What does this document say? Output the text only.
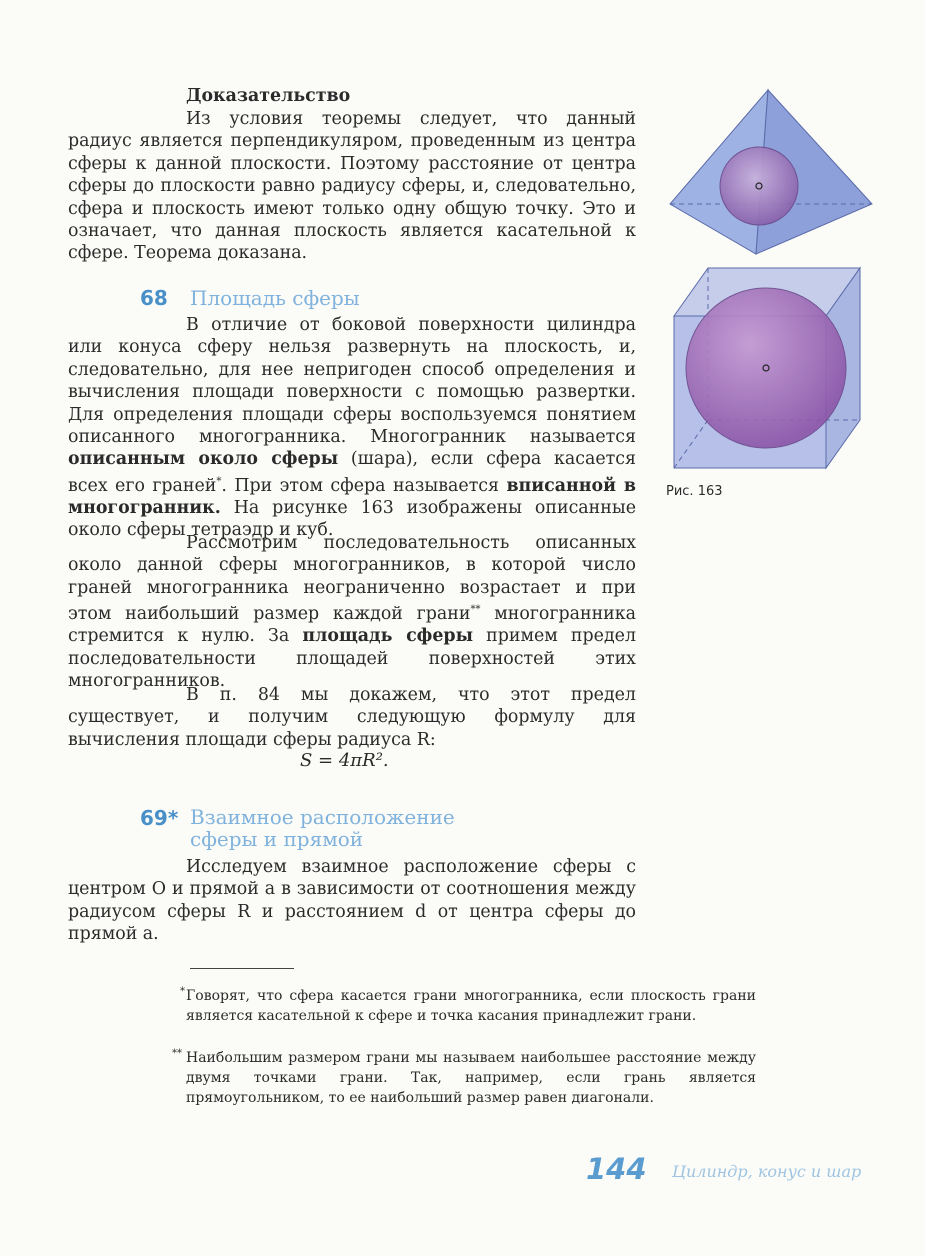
Доказательство
Из условия теоремы следует, что данный радиус является перпендикуляром, проведенным из центра сферы к данной плоскости. Поэтому расстояние от центра сферы до плоскости равно радиусу сферы, и, следовательно, сфера и плоскость имеют только одну общую точку. Это и означает, что данная плоскость является касательной к сфере. Теорема доказана.
68 Площадь сферы
В отличие от боковой поверхности цилиндра или конуса сферу нельзя развернуть на плоскость, и, следовательно, для нее непригоден способ определения и вычисления площади поверхности с помощью развертки. Для определения площади сферы воспользуемся понятием описанного многогранника. Многогранник называется описанным около сферы (шара), если сфера касается всех его граней*. При этом сфера называется вписанной в многогранник. На рисунке 163 изображены описанные около сферы тетраэдр и куб.
Рассмотрим последовательность описанных около данной сферы многогранников, в которой число граней многогранника неограниченно возрастает и при этом наибольший размер каждой грани** многогранника стремится к нулю. За площадь сферы примем предел последовательности площадей поверхностей этих многогранников.
В п. 84 мы докажем, что этот предел существует, и получим следующую формулу для вычисления площади сферы радиуса R:
S = 4πR².
69* Взаимное расположение
сферы и прямой
Исследуем взаимное расположение сферы с центром O и прямой a в зависимости от соотношения между радиусом сферы R и расстоянием d от центра сферы до прямой a.
Рис. 163
* Говорят, что сфера касается грани многогранника, если плоскость грани является касательной к сфере и точка касания принадлежит грани.
** Наибольшим размером грани мы называем наибольшее расстояние между двумя точками грани. Так, например, если грань является прямоугольником, то ее наибольший размер равен диагонали.
144 Цилиндр, конус и шар
